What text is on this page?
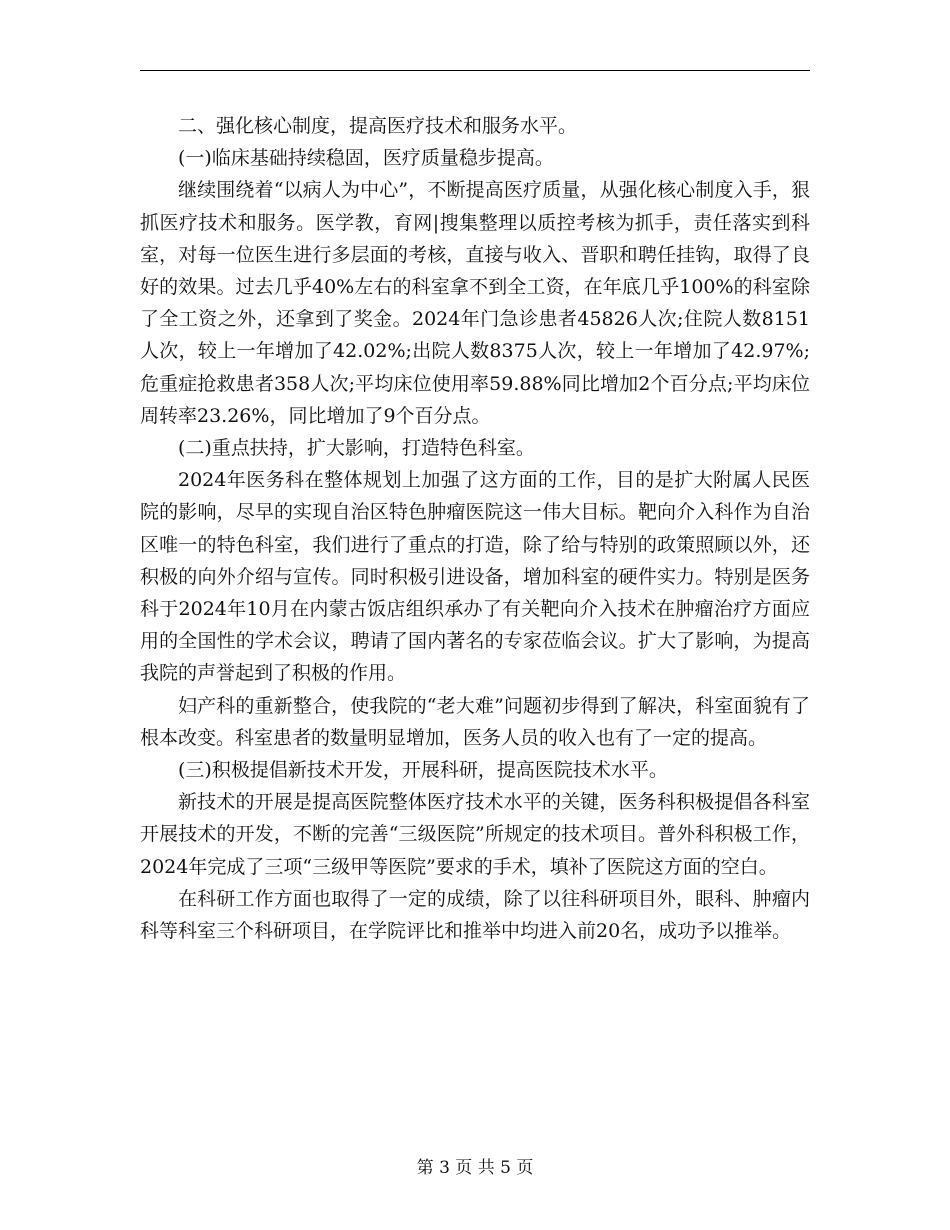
二、强化核心制度，提高医疗技术和服务水平。

(一)临床基础持续稳固，医疗质量稳步提高。

继续围绕着“以病人为中心”，不断提高医疗质量，从强化核心制度入手，狠抓医疗技术和服务。医学教，育网|搜集整理以质控考核为抓手，责任落实到科室，对每一位医生进行多层面的考核，直接与收入、晋职和聘任挂钩，取得了良好的效果。过去几乎40%左右的科室拿不到全工资，在年底几乎100%的科室除了全工资之外，还拿到了奖金。2024年门急诊患者45826人次;住院人数8151人次，较上一年增加了42.02%;出院人数8375人次，较上一年增加了42.97%;危重症抢救患者358人次;平均床位使用率59.88%同比增加2个百分点;平均床位周转率23.26%，同比增加了9个百分点。

(二)重点扶持，扩大影响，打造特色科室。

2024年医务科在整体规划上加强了这方面的工作，目的是扩大附属人民医院的影响，尽早的实现自治区特色肿瘤医院这一伟大目标。靶向介入科作为自治区唯一的特色科室，我们进行了重点的打造，除了给与特别的政策照顾以外，还积极的向外介绍与宣传。同时积极引进设备，增加科室的硬件实力。特别是医务科于2024年10月在内蒙古饭店组织承办了有关靶向介入技术在肿瘤治疗方面应用的全国性的学术会议，聘请了国内著名的专家莅临会议。扩大了影响，为提高我院的声誉起到了积极的作用。

妇产科的重新整合，使我院的“老大难”问题初步得到了解决，科室面貌有了根本改变。科室患者的数量明显增加，医务人员的收入也有了一定的提高。

(三)积极提倡新技术开发，开展科研，提高医院技术水平。

新技术的开展是提高医院整体医疗技术水平的关键，医务科积极提倡各科室开展技术的开发，不断的完善“三级医院”所规定的技术项目。普外科积极工作，2024年完成了三项“三级甲等医院”要求的手术，填补了医院这方面的空白。

在科研工作方面也取得了一定的成绩，除了以往科研项目外，眼科、肿瘤内科等科室三个科研项目，在学院评比和推举中均进入前20名，成功予以推举。

第 3 页 共 5 页
